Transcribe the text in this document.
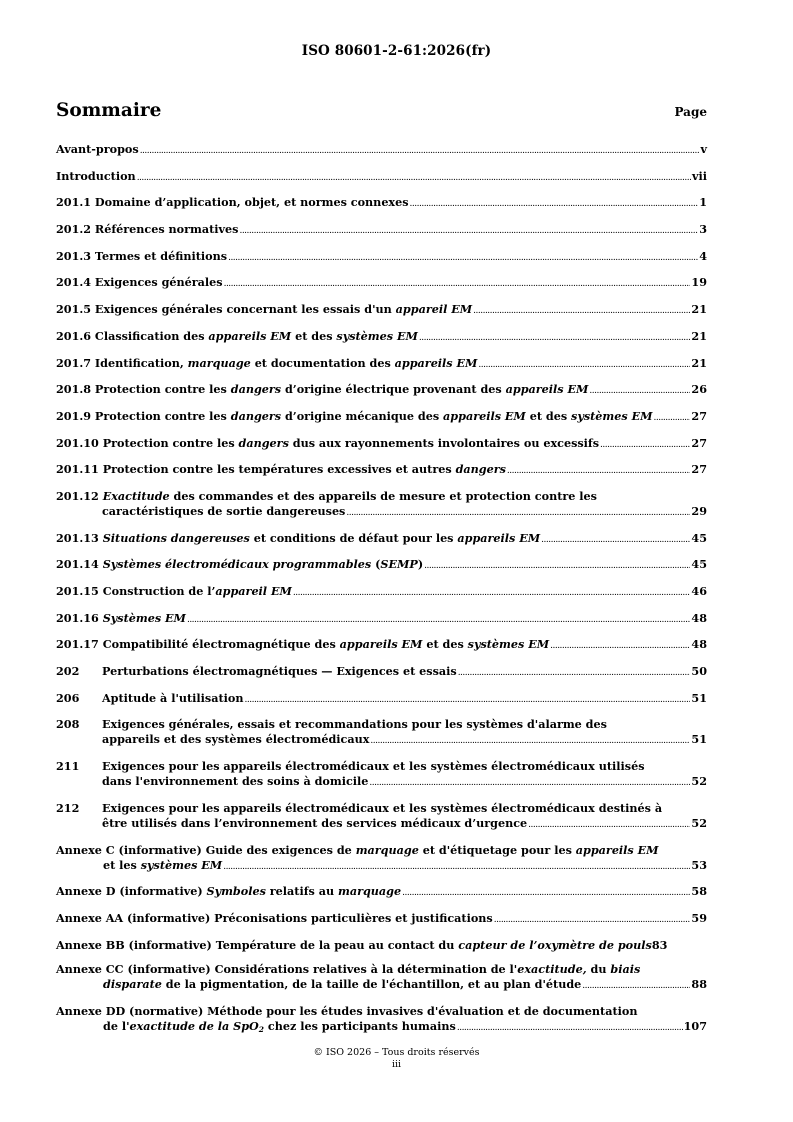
ISO 80601-2-61:2026(fr)
Sommaire	Page
Avant-propos .....	v
Introduction .....	vii
201.1 Domaine d’application, objet, et normes connexes .....	1
201.2 Références normatives .....	3
201.3 Termes et définitions .....	4
201.4 Exigences générales .....	19
201.5 Exigences générales concernant les essais d'un appareil EM .....	21
201.6 Classification des appareils EM et des systèmes EM .....	21
201.7 Identification, marquage et documentation des appareils EM .....	21
201.8 Protection contre les dangers d’origine électrique provenant des appareils EM .....	26
201.9 Protection contre les dangers d’origine mécanique des appareils EM et des systèmes EM .....	27
201.10 Protection contre les dangers dus aux rayonnements involontaires ou excessifs .....	27
201.11 Protection contre les températures excessives et autres dangers .....	27
201.12 Exactitude des commandes et des appareils de mesure et protection contre les
caractéristiques de sortie dangereuses .....	29
201.13 Situations dangereuses et conditions de défaut pour les appareils EM .....	45
201.14 Systèmes électromédicaux programmables (SEMP) .....	45
201.15 Construction de l’appareil EM .....	46
201.16 Systèmes EM .....	48
201.17 Compatibilité électromagnétique des appareils EM et des systèmes EM .....	48
202 Perturbations électromagnétiques — Exigences et essais .....	50
206 Aptitude à l'utilisation .....	51
208 Exigences générales, essais et recommandations pour les systèmes d'alarme des
appareils et des systèmes électromédicaux .....	51
211 Exigences pour les appareils électromédicaux et les systèmes électromédicaux utilisés
dans l'environnement des soins à domicile .....	52
212 Exigences pour les appareils électromédicaux et les systèmes électromédicaux destinés à
être utilisés dans l’environnement des services médicaux d’urgence .....	52
Annexe C (informative) Guide des exigences de marquage et d'étiquetage pour les appareils EM
et les systèmes EM .....	53
Annexe D (informative) Symboles relatifs au marquage .....	58
Annexe AA (informative) Préconisations particulières et justifications .....	59
Annexe BB (informative) Température de la peau au contact du capteur de l’oxymètre de pouls 83
Annexe CC (informative) Considérations relatives à la détermination de l'exactitude, du biais
disparate de la pigmentation, de la taille de l'échantillon, et au plan d'étude .....	88
Annexe DD (normative) Méthode pour les études invasives d'évaluation et de documentation
de l'exactitude de la SpO$_2$ chez les participants humains .....	107
© ISO 2026 – Tous droits réservés
iii
